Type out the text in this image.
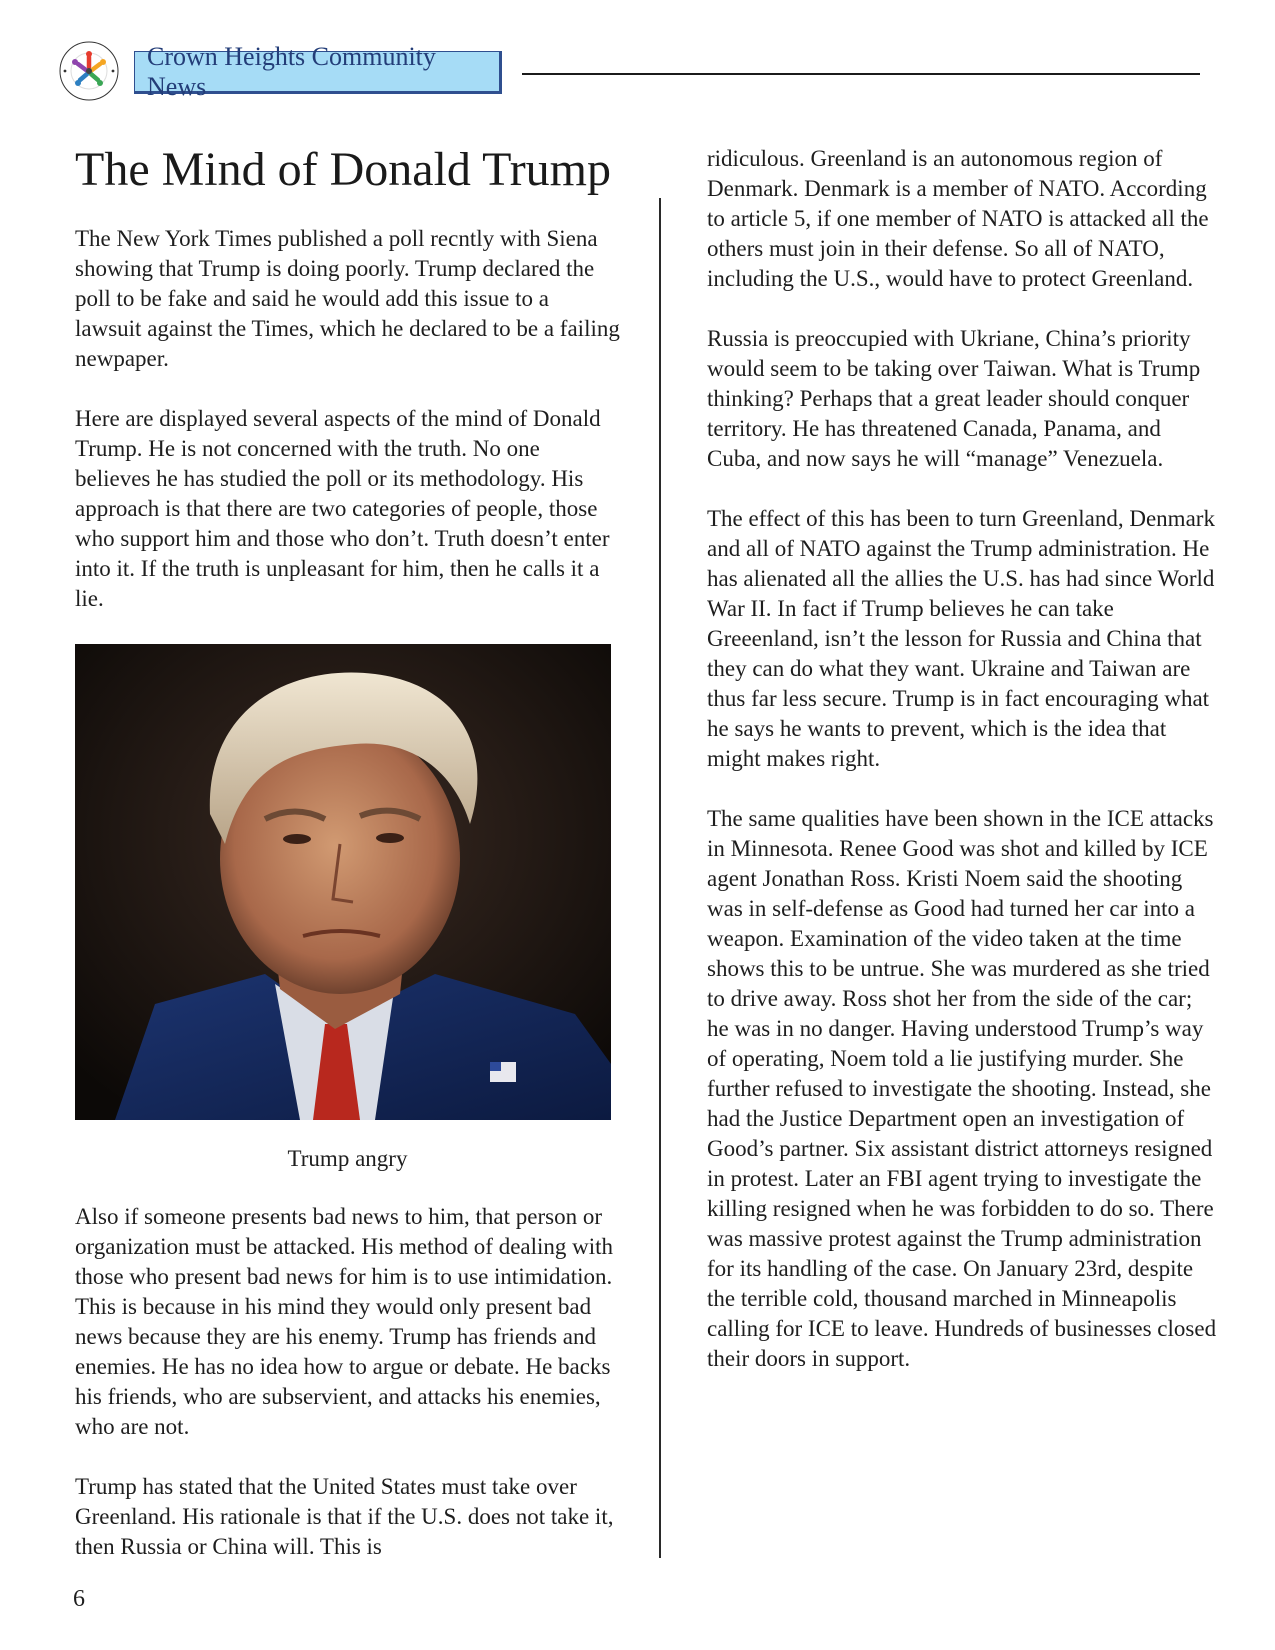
Crown Heights Community News
The Mind of Donald Trump

The New York Times published a poll recntly with Siena showing that Trump is doing poorly. Trump declared the poll to be fake and said he would add this issue to a lawsuit against the Times, which he declared to be a failing newpaper.

Here are displayed several aspects of the mind of Donald Trump. He is not concerned with the truth. No one believes he has studied the poll or its methodology. His approach is that there are two categories of people, those who support him and those who don’t. Truth doesn’t enter into it. If the truth is unpleasant for him, then he calls it a lie.

Trump angry

Also if someone presents bad news to him, that person or organization must be attacked. His method of dealing with those who present bad news for him is to use intimidation. This is because in his mind they would only present bad news because they are his enemy. Trump has friends and enemies. He has no idea how to argue or debate. He backs his friends, who are subservient, and attacks his enemies, who are not.

Trump has stated that the United States must take over Greenland. His rationale is that if the U.S. does not take it, then Russia or China will. This is

ridiculous. Greenland is an autonomous region of Denmark. Denmark is a member of NATO. According to article 5, if one member of NATO is attacked all the others must join in their defense. So all of NATO, including the U.S., would have to protect Greenland.

Russia is preoccupied with Ukriane, China’s priority would seem to be taking over Taiwan. What is Trump thinking? Perhaps that a great leader should conquer territory. He has threatened Canada, Panama, and Cuba, and now says he will “manage” Venezuela.

The effect of this has been to turn Greenland, Denmark and all of NATO against the Trump administration. He has alienated all the allies the U.S. has had since World War II. In fact if Trump believes he can take Greeenland, isn’t the lesson for Russia and China that they can do what they want. Ukraine and Taiwan are thus far less secure. Trump is in fact encouraging what he says he wants to prevent, which is the idea that might makes right.

The same qualities have been shown in the ICE attacks in Minnesota. Renee Good was shot and killed by ICE agent Jonathan Ross. Kristi Noem said the shooting was in self-defense as Good had turned her car into a weapon. Examination of the video taken at the time shows this to be untrue. She was murdered as she tried to drive away. Ross shot her from the side of the car; he was in no danger. Having understood Trump’s way of operating, Noem told a lie justifying murder. She further refused to investigate the shooting. Instead, she had the Justice Department open an investigation of Good’s partner. Six assistant district attorneys resigned in protest. Later an FBI agent trying to investigate the killing resigned when he was forbidden to do so. There was massive protest against the Trump administration for its handling of the case. On January 23rd, despite the terrible cold, thousand marched in Minneapolis calling for ICE to leave. Hundreds of businesses closed their doors in support.

6
